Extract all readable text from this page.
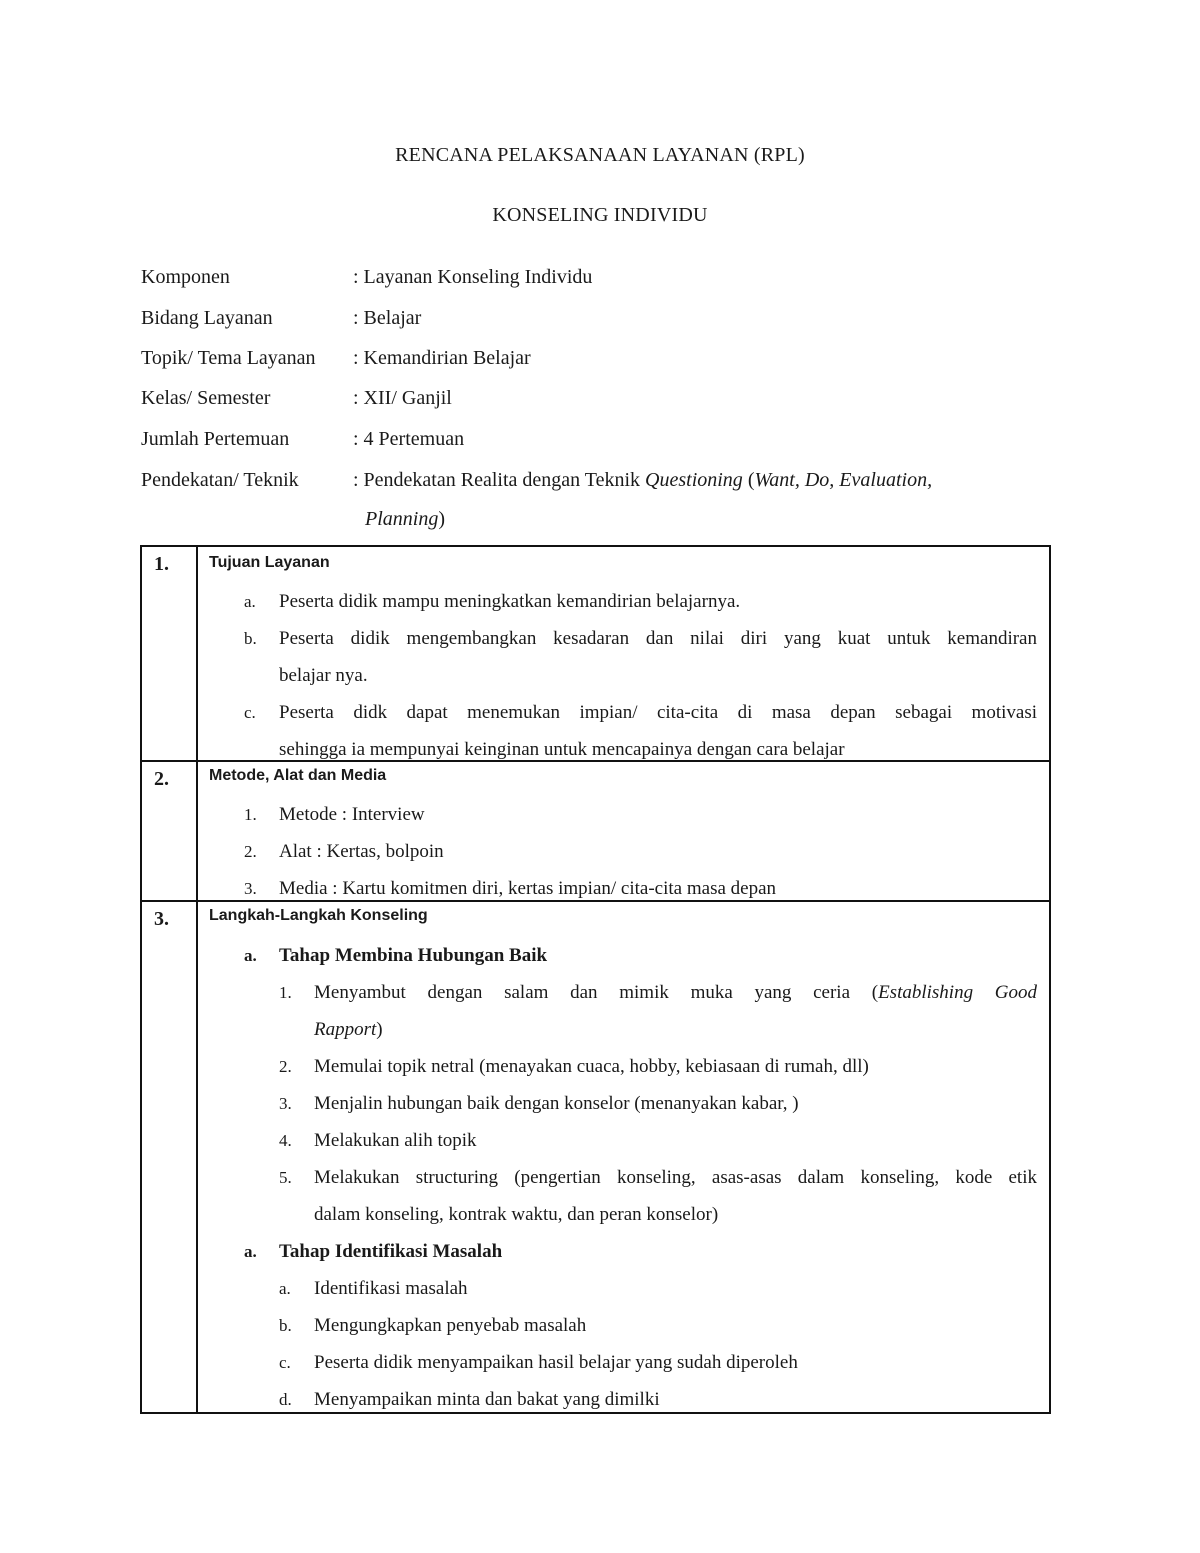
RENCANA PELAKSANAAN LAYANAN (RPL)
KONSELING INDIVIDU
Komponen	: Layanan Konseling Individu
Bidang Layanan	: Belajar
Topik/ Tema Layanan : Kemandirian Belajar
Kelas/ Semester	: XII/ Ganjil
Jumlah Pertemuan	: 4 Pertemuan
Pendekatan/ Teknik	: Pendekatan Realita dengan Teknik Questioning (Want, Do, Evaluation,
Planning)
1.	Tujuan Layanan
a.	Peserta didik mampu meningkatkan kemandirian belajarnya.
b.	Peserta didik mengembangkan kesadaran dan nilai diri yang kuat untuk kemandiran
belajar nya.
c.	Peserta didk dapat menemukan impian/ cita-cita di masa depan sebagai motivasi
sehingga ia mempunyai keinginan untuk mencapainya dengan cara belajar
2.	Metode, Alat dan Media
1.	Metode : Interview
2.	Alat : Kertas, bolpoin
3.	Media : Kartu komitmen diri, kertas impian/ cita-cita masa depan
3.	Langkah-Langkah Konseling
a.	Tahap Membina Hubungan Baik
1.	Menyambut dengan salam dan mimik muka yang ceria (Establishing Good
Rapport)
2.	Memulai topik netral (menayakan cuaca, hobby, kebiasaan di rumah, dll)
3.	Menjalin hubungan baik dengan konselor (menanyakan kabar, )
4.	Melakukan alih topik
5.	Melakukan structuring (pengertian konseling, asas-asas dalam konseling, kode etik
dalam konseling, kontrak waktu, dan peran konselor)
a.	Tahap Identifikasi Masalah
a.	Identifikasi masalah
b.	Mengungkapkan penyebab masalah
c.	Peserta didik menyampaikan hasil belajar yang sudah diperoleh
d.	Menyampaikan minta dan bakat yang dimilki
